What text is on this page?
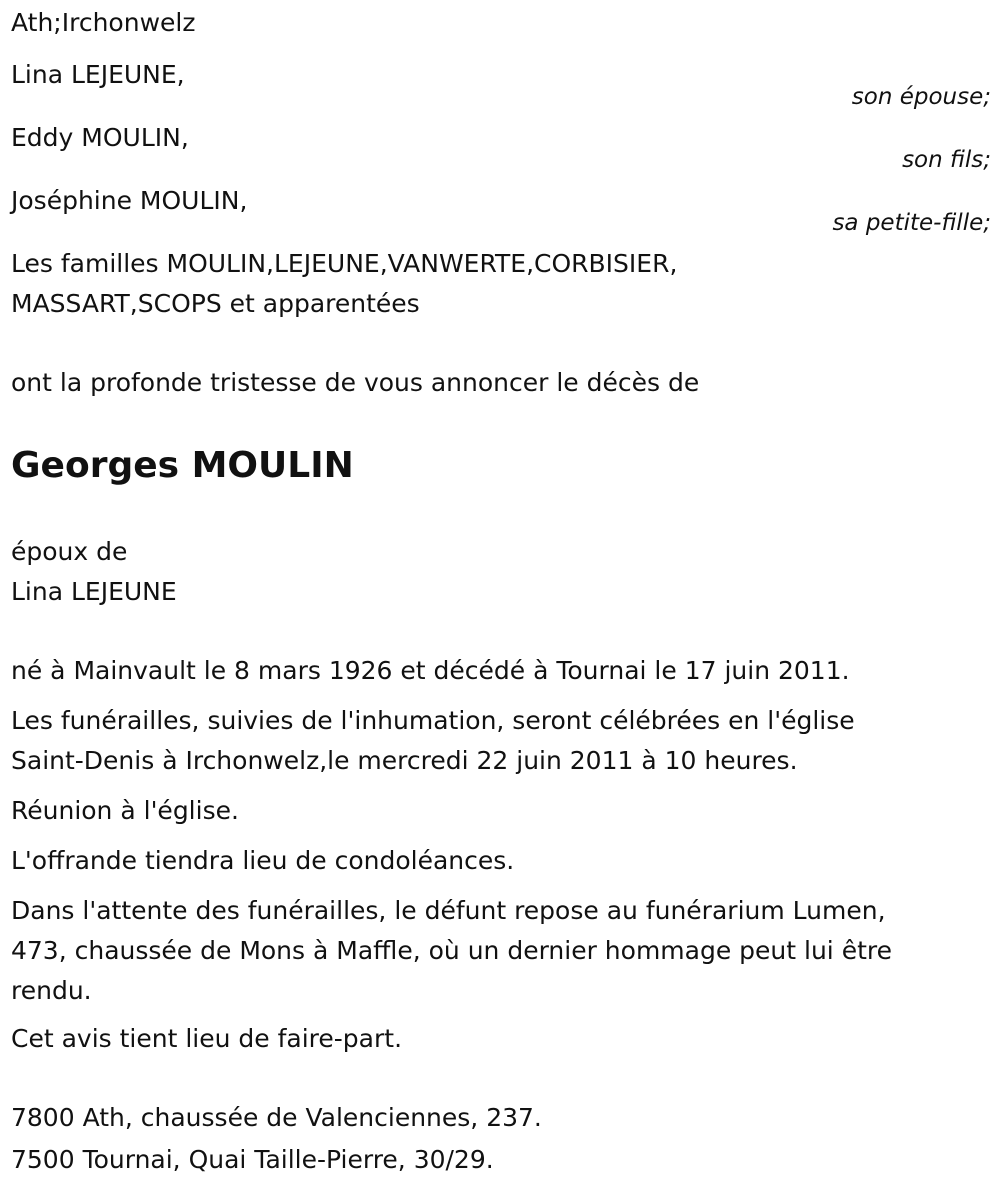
Ath;Irchonwelz
Lina LEJEUNE,
son épouse;
Eddy MOULIN,
son fils;
Joséphine MOULIN,
sa petite-fille;
Les familles MOULIN,LEJEUNE,VANWERTE,CORBISIER,
MASSART,SCOPS et apparentées
ont la profonde tristesse de vous annoncer le décès de
Georges MOULIN
époux de
Lina LEJEUNE
né à Mainvault le 8 mars 1926 et décédé à Tournai le 17 juin 2011.
Les funérailles, suivies de l'inhumation, seront célébrées en l'église
Saint-Denis à Irchonwelz,le mercredi 22 juin 2011 à 10 heures.
Réunion à l'église.
L'offrande tiendra lieu de condoléances.
Dans l'attente des funérailles, le défunt repose au funérarium Lumen,
473, chaussée de Mons à Maffle, où un dernier hommage peut lui être
rendu.
Cet avis tient lieu de faire-part.
7800 Ath, chaussée de Valenciennes, 237.
7500 Tournai, Quai Taille-Pierre, 30/29.
